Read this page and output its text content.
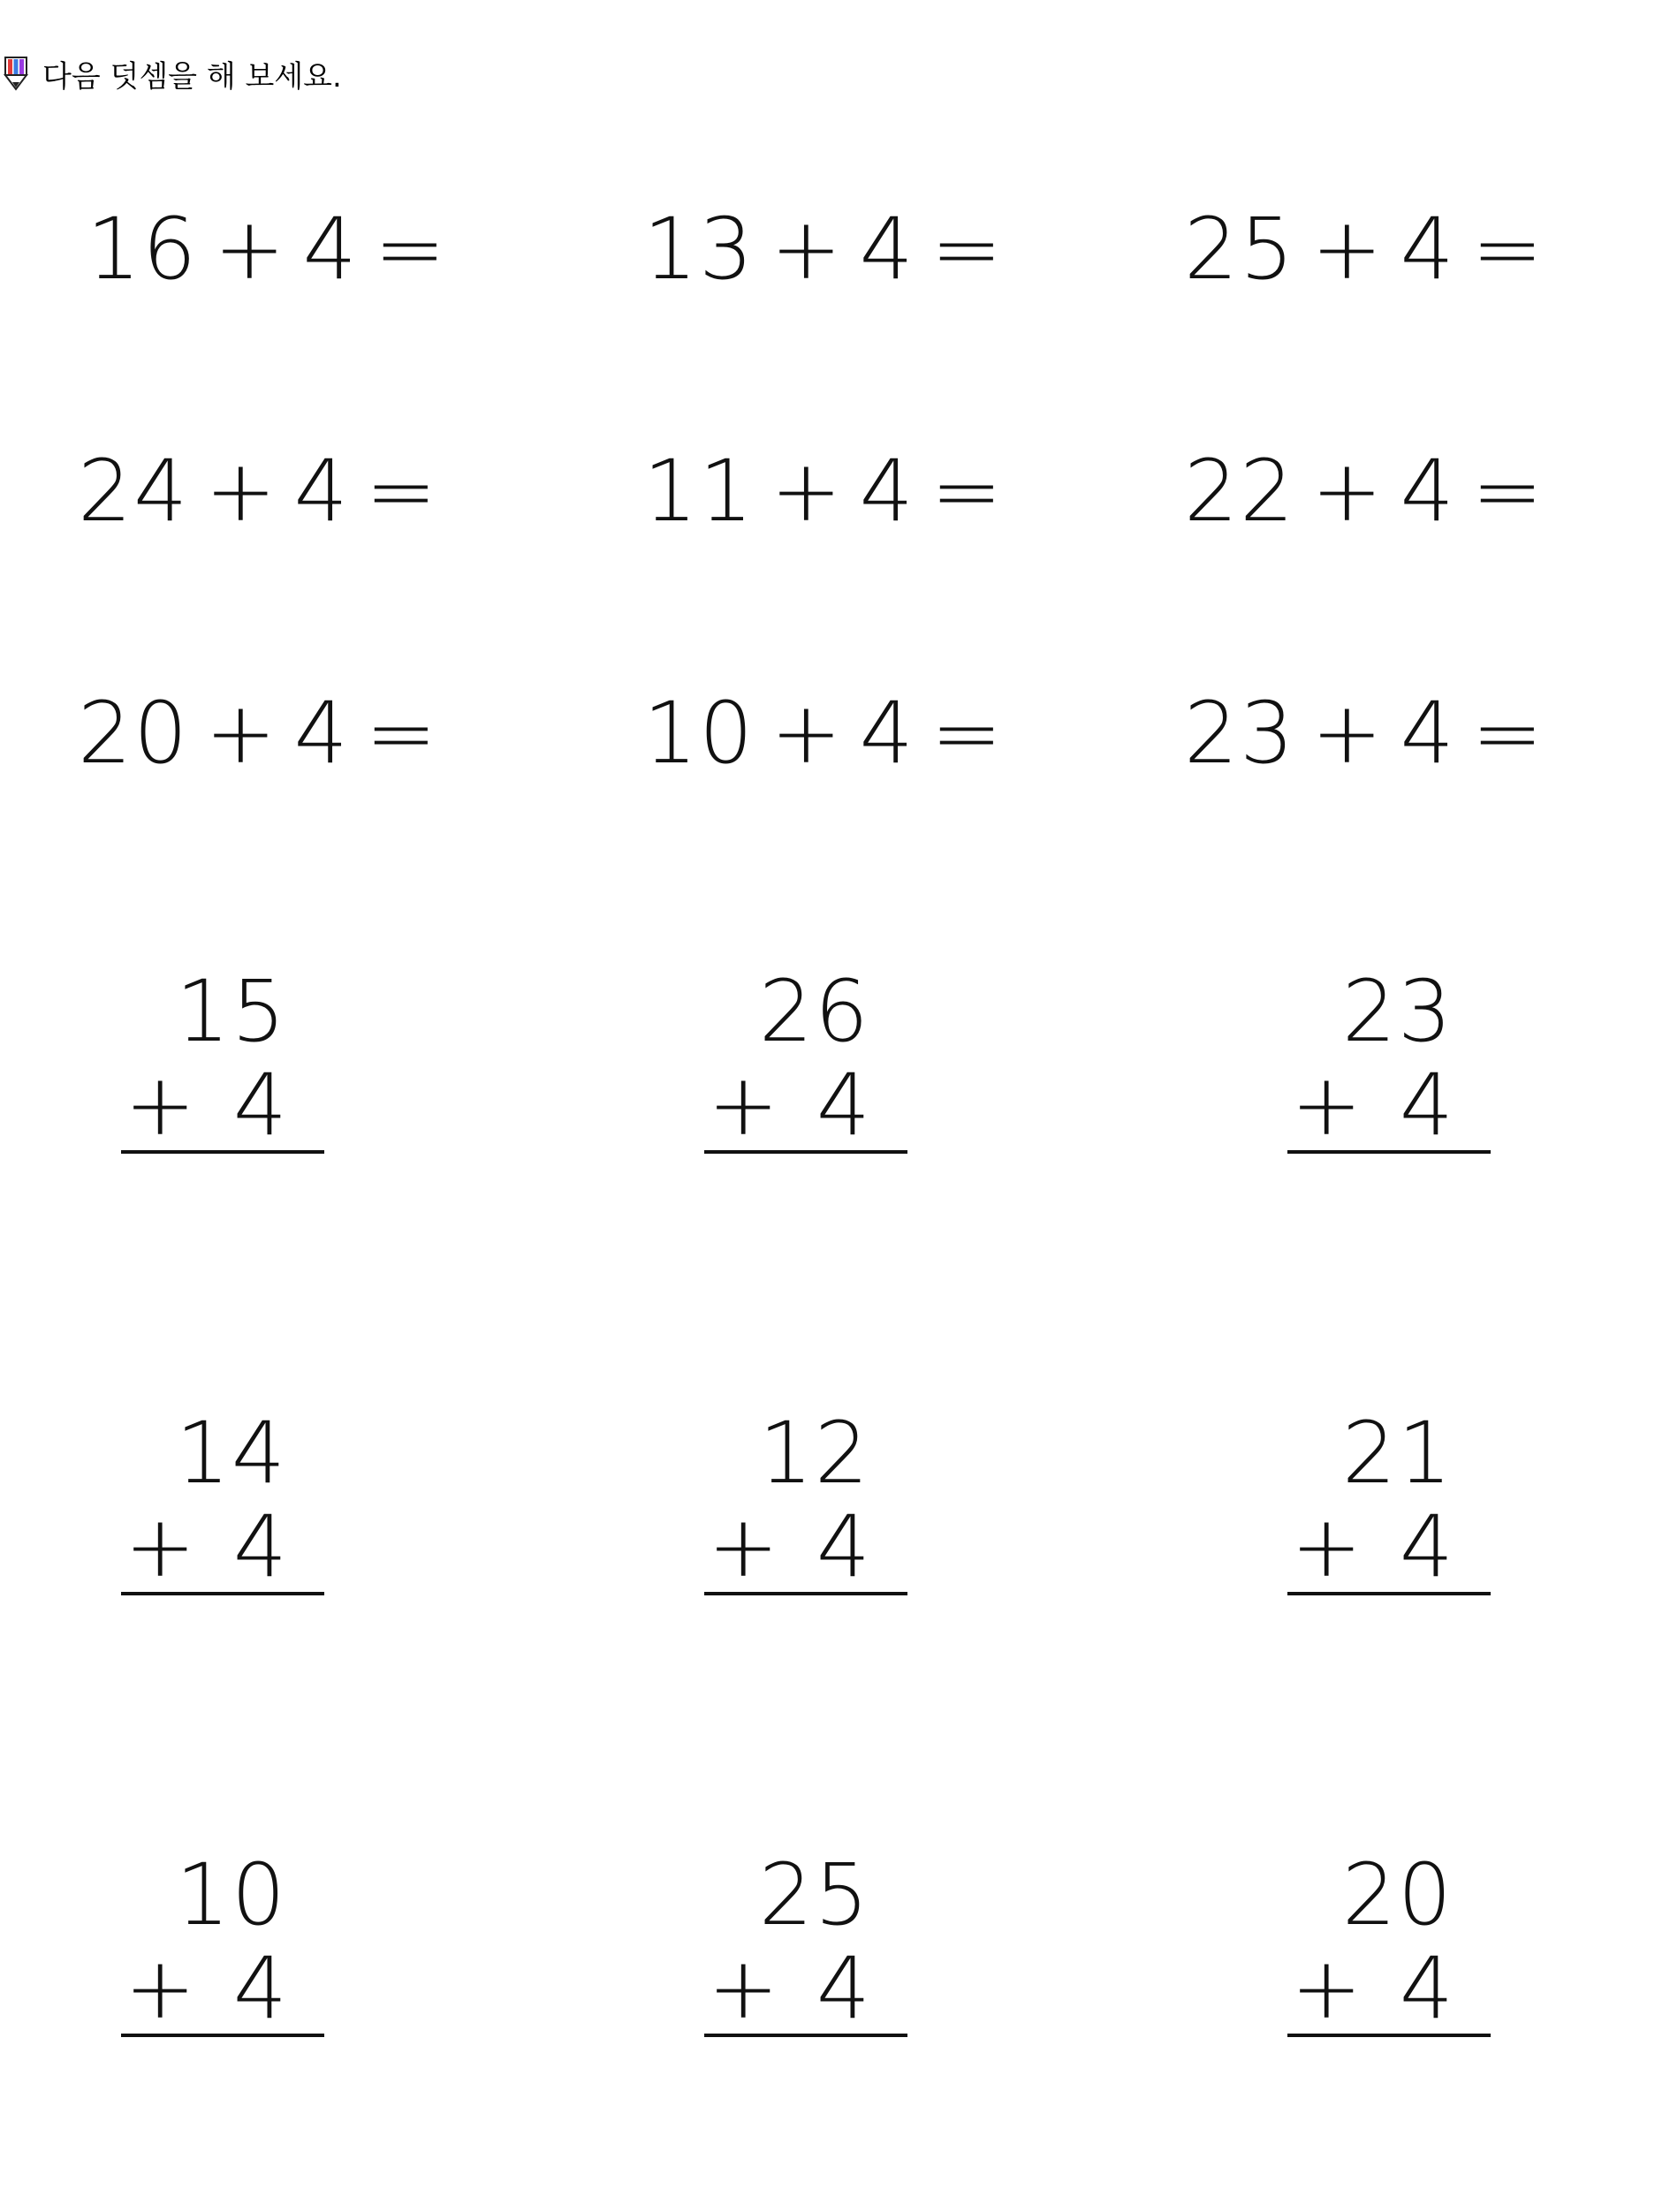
다음 덧셈을 해 보세요.
16 + 4 = 13 + 4 = 25 + 4 =
24 + 4 = 11 + 4 = 22 + 4 =
20 + 4 = 10 + 4 = 23 + 4 =
15
+ 4
26
+ 4
23
+ 4
14
+ 4
12
+ 4
21
+ 4
10
+ 4
25
+ 4
20
+ 4
